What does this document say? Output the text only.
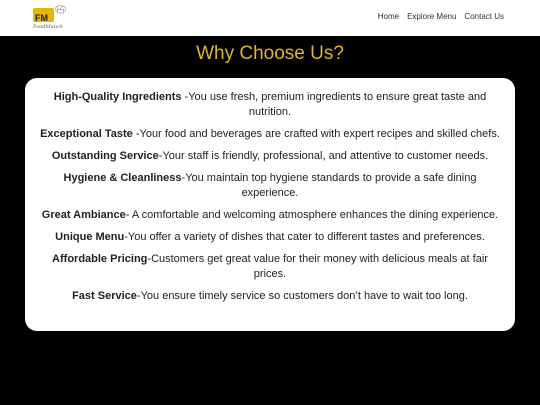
FM
FoodMunch
Home Explore Menu Contact Us
Why Choose Us?

High-Quality Ingredients -You use fresh, premium ingredients to ensure great taste and nutrition.

Exceptional Taste -Your food and beverages are crafted with expert recipes and skilled chefs.

Outstanding Service-Your staff is friendly, professional, and attentive to customer needs.

Hygiene & Cleanliness-You maintain top hygiene standards to provide a safe dining experience.

Great Ambiance- A comfortable and welcoming atmosphere enhances the dining experience.

Unique Menu-You offer a variety of dishes that cater to different tastes and preferences.

Affordable Pricing-Customers get great value for their money with delicious meals at fair prices.

Fast Service-You ensure timely service so customers don’t have to wait too long.
